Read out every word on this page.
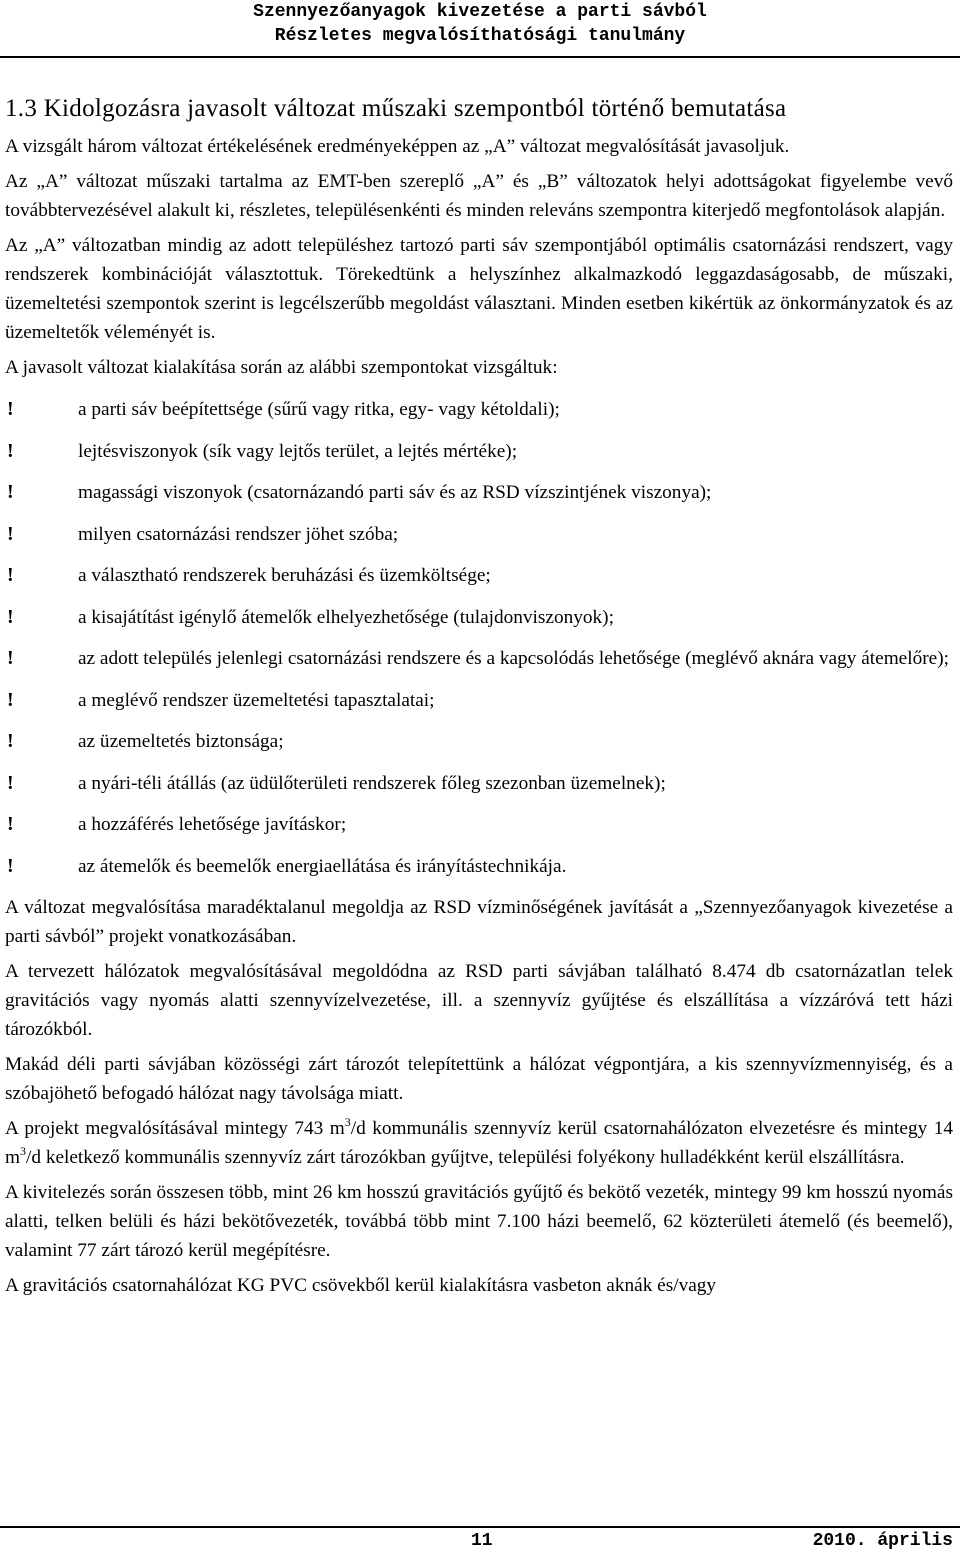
Szennyezőanyagok kivezetése a parti sávból
Részletes megvalósíthatósági tanulmány
1.3 Kidolgozásra javasolt változat műszaki szempontból történő bemutatása

A vizsgált három változat értékelésének eredményeképpen az „A” változat megvalósítását javasoljuk.

Az „A” változat műszaki tartalma az EMT-ben szereplő „A” és „B” változatok helyi adottságokat figyelembe vevő továbbtervezésével alakult ki, részletes, településenkénti és minden releváns szempontra kiterjedő megfontolások alapján.

Az „A” változatban mindig az adott településhez tartozó parti sáv szempontjából optimális csatornázási rendszert, vagy rendszerek kombinációját választottuk. Törekedtünk a helyszínhez alkalmazkodó leggazdaságosabb, de műszaki, üzemeltetési szempontok szerint is legcélszerűbb megoldást választani. Minden esetben kikértük az önkormányzatok és az üzemeltetők véleményét is.

A javasolt változat kialakítása során az alábbi szempontokat vizsgáltuk:

!	a parti sáv beépítettsége (sűrű vagy ritka, egy- vagy kétoldali);
!	lejtésviszonyok (sík vagy lejtős terület, a lejtés mértéke);
!	magassági viszonyok (csatornázandó parti sáv és az RSD vízszintjének viszonya);
!	milyen csatornázási rendszer jöhet szóba;
!	a választható rendszerek beruházási és üzemköltsége;
!	a kisajátítást igénylő átemelők elhelyezhetősége (tulajdonviszonyok);
!	az adott település jelenlegi csatornázási rendszere és a kapcsolódás lehetősége (meglévő aknára vagy átemelőre);
!	a meglévő rendszer üzemeltetési tapasztalatai;
!	az üzemeltetés biztonsága;
!	a nyári-téli átállás (az üdülőterületi rendszerek főleg szezonban üzemelnek);
!	a hozzáférés lehetősége javításkor;
!	az átemelők és beemelők energiaellátása és irányítástechnikája.

A változat megvalósítása maradéktalanul megoldja az RSD vízminőségének javítását a „Szennyezőanyagok kivezetése a parti sávból” projekt vonatkozásában.

A tervezett hálózatok megvalósításával megoldódna az RSD parti sávjában található 8.474 db csatornázatlan telek gravitációs vagy nyomás alatti szennyvízelvezetése, ill. a szennyvíz gyűjtése és elszállítása a vízzáróvá tett házi tározókból.

Makád déli parti sávjában közösségi zárt tározót telepítettünk a hálózat végpontjára, a kis szennyvízmennyiség, és a szóbajöhető befogadó hálózat nagy távolsága miatt.

A projekt megvalósításával mintegy 743 $m^3/d$ kommunális szennyvíz kerül csatornahálózaton elvezetésre és mintegy 14 $m^3/d$ keletkező kommunális szennyvíz zárt tározókban gyűjtve, települési folyékony hulladékként kerül elszállításra.

A kivitelezés során összesen több, mint 26 km hosszú gravitációs gyűjtő és bekötő vezeték, mintegy 99 km hosszú nyomás alatti, telken belüli és házi bekötővezeték, továbbá több mint 7.100 házi beemelő, 62 közterületi átemelő (és beemelő), valamint 77 zárt tározó kerül megépítésre.

A gravitációs csatornahálózat KG PVC csövekből kerül kialakításra vasbeton aknák és/vagy

11	2010. április
